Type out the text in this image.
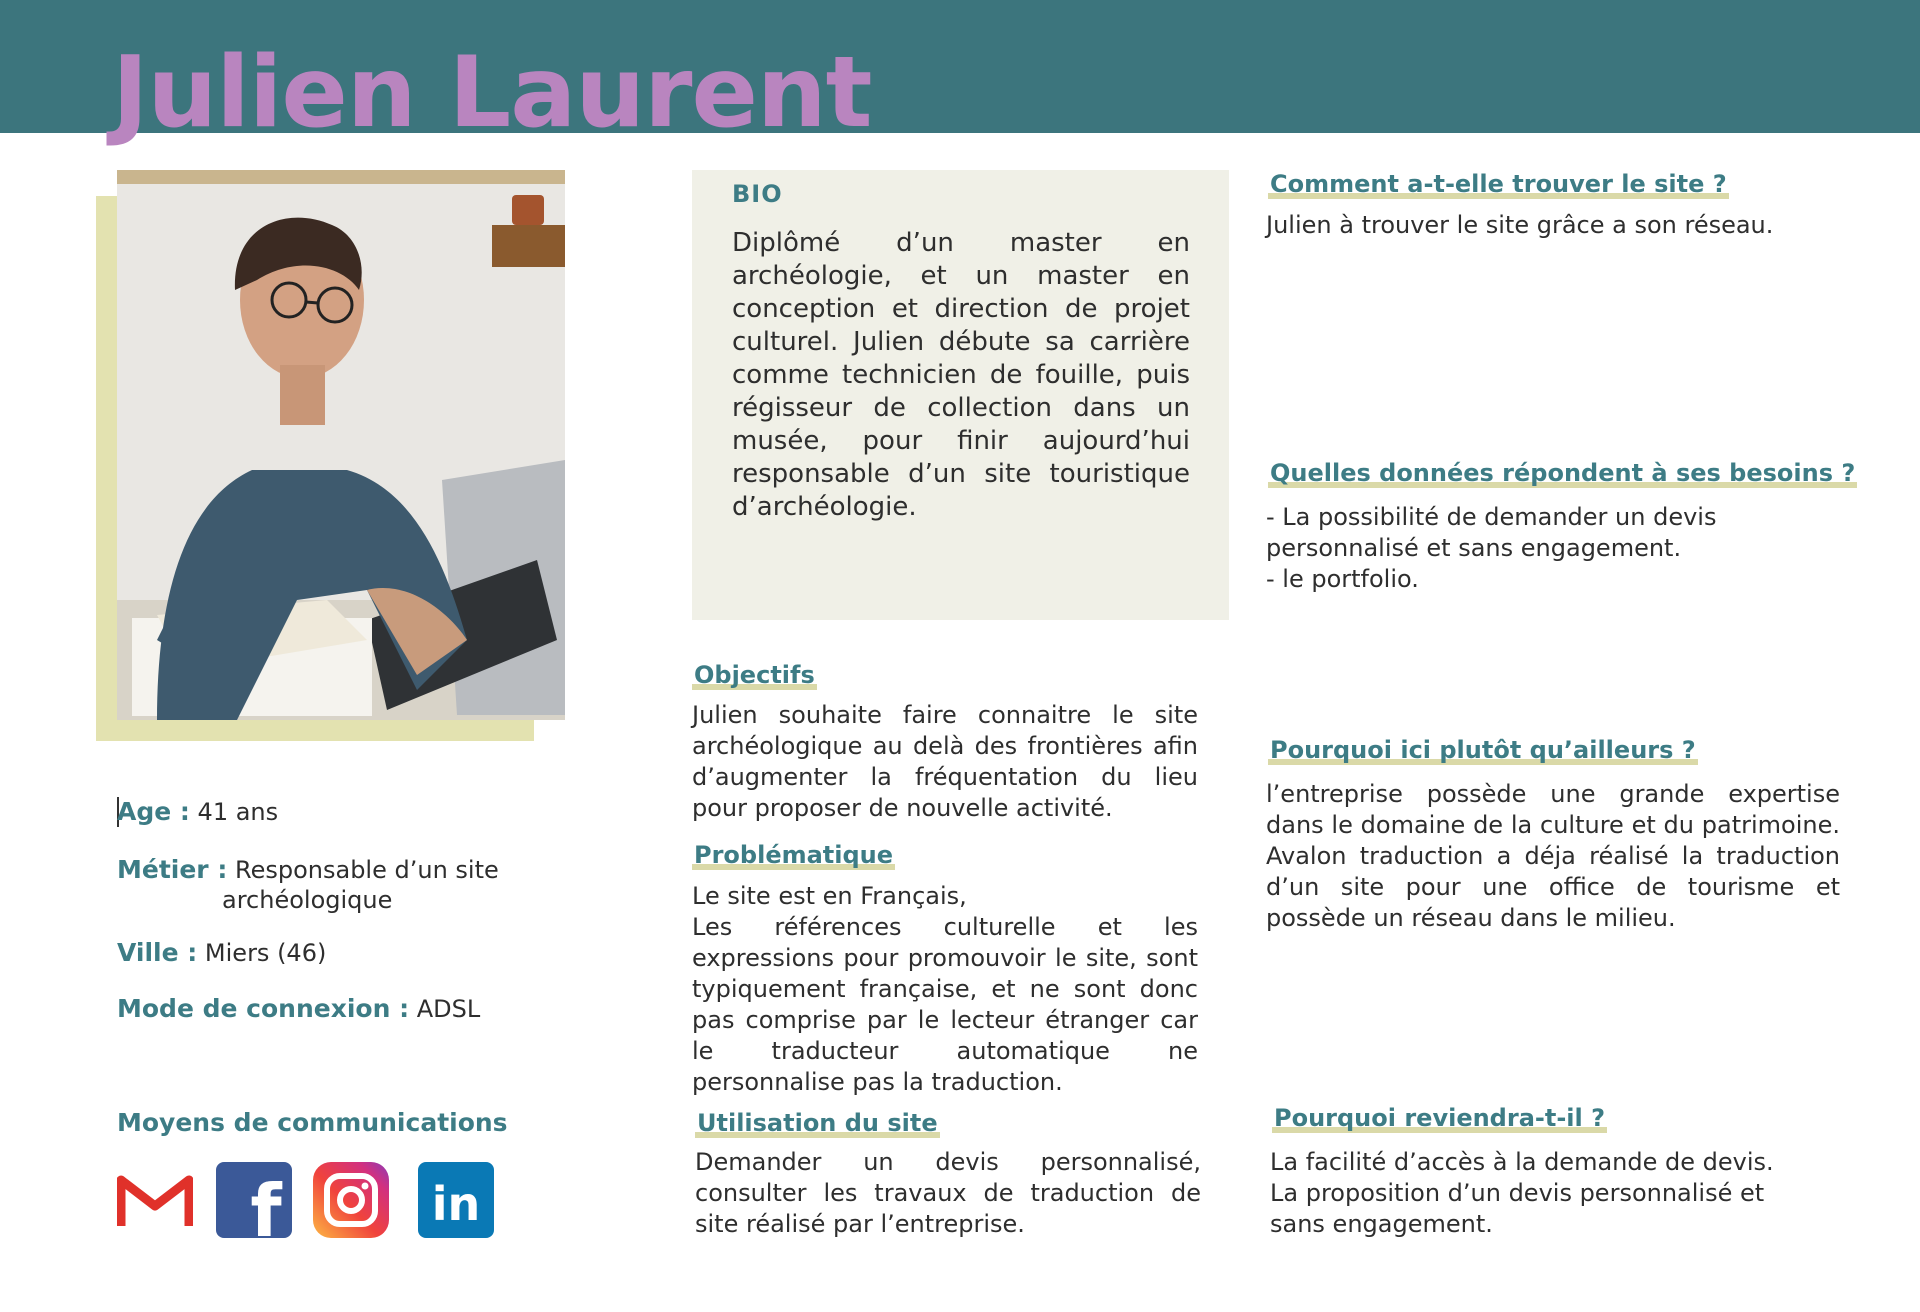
Julien Laurent
Age : 41 ans
Métier : Responsable d’un site
archéologique
Ville : Miers (46)
Mode de connexion : ADSL
Moyens de communications
f	in
BIO

Diplômé d’un master en archéologie, et un master en conception et direction de projet culturel. Julien débute sa carrière comme technicien de fouille, puis régisseur de collection dans un musée, pour finir aujourd’hui responsable d’un site touristique d’archéologie.

Objectifs

Julien souhaite faire connaitre le site archéologique au delà des frontières afin d’augmenter la fréquentation du lieu pour proposer de nouvelle activité.

Problématique

Le site est en Français,

Les références culturelle et les expressions pour promouvoir le site, sont typiquement française, et ne sont donc pas comprise par le lecteur étranger car le traducteur automatique ne personnalise pas la traduction.

Utilisation du site

Demander un devis personnalisé, consulter les travaux de traduction de site réalisé par l’entreprise.

Comment a-t-elle trouver le site ?

Julien à trouver le site grâce a son réseau.

Quelles données répondent à ses besoins ?
- La possibilité de demander un devis
personnalisé et sans engagement.
- le portfolio.
Pourquoi ici plutôt qu’ailleurs ?

l’entreprise possède une grande expertise dans le domaine de la culture et du patrimoine. Avalon traduction a déja réalisé la traduction d’un site pour une office de tourisme et possède un réseau dans le milieu.

Pourquoi reviendra-t-il ?
La facilité d’accès à la demande de devis.
La proposition d’un devis personnalisé et
sans engagement.
